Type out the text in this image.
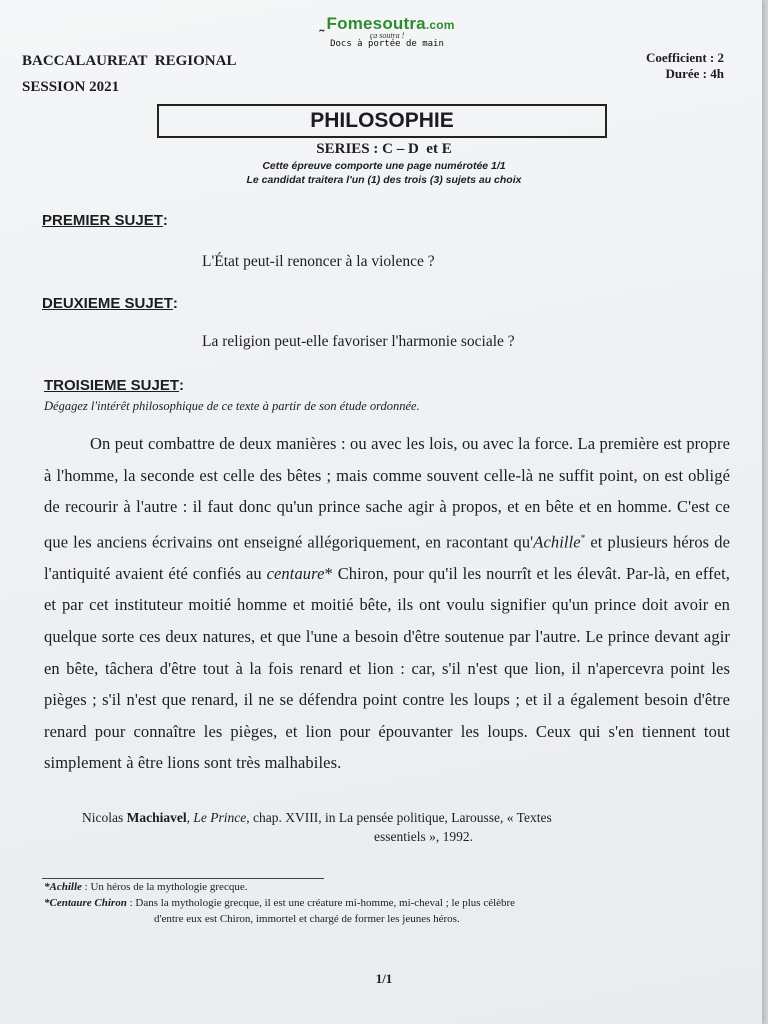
˷ Fomesoutra.com
ça soutra !
Docs à portée de main
BACCALAUREAT  REGIONAL
SESSION 2021
Coefficient : 2
Durée : 4h
PHILOSOPHIE
SERIES : C – D  et E
Cette épreuve comporte une page numérotée 1/1
Le candidat traitera l'un (1) des trois (3) sujets au choix
PREMIER SUJET:
L'État peut-il renoncer à la violence ?
DEUXIEME SUJET:
La religion peut-elle favoriser l'harmonie sociale ?
TROISIEME SUJET:
Dégagez l'intérêt philosophique de ce texte à partir de son étude ordonnée.
On peut combattre de deux manières : ou avec les lois, ou avec la force. La première est propre à l'homme, la seconde est celle des bêtes ; mais comme souvent celle-là ne suffit point, on est obligé de recourir à l'autre : il faut donc qu'un prince sache agir à propos, et en bête et en homme. C'est ce que les anciens écrivains ont enseigné allégoriquement, en racontant qu'Achille* et plusieurs héros de l'antiquité avaient été confiés au centaure* Chiron, pour qu'il les nourrît et les élevât. Par-là, en effet, et par cet instituteur moitié homme et moitié bête, ils ont voulu signifier qu'un prince doit avoir en quelque sorte ces deux natures, et que l'une a besoin d'être soutenue par l'autre. Le prince devant agir en bête, tâchera d'être tout à la fois renard et lion : car, s'il n'est que lion, il n'apercevra point les pièges ; s'il n'est que renard, il ne se défendra point contre les loups ; et il a également besoin d'être renard pour connaître les pièges, et lion pour épouvanter les loups. Ceux qui s'en tiennent tout simplement à être lions sont très malhabiles.
Nicolas Machiavel, Le Prince, chap. XVIII, in La pensée politique, Larousse, « Textes
essentiels », 1992.
*Achille : Un héros de la mythologie grecque.
*Centaure Chiron : Dans la mythologie grecque, il est une créature mi-homme, mi-cheval ; le plus célèbre
d'entre eux est Chiron, immortel et chargé de former les jeunes héros.
1/1
